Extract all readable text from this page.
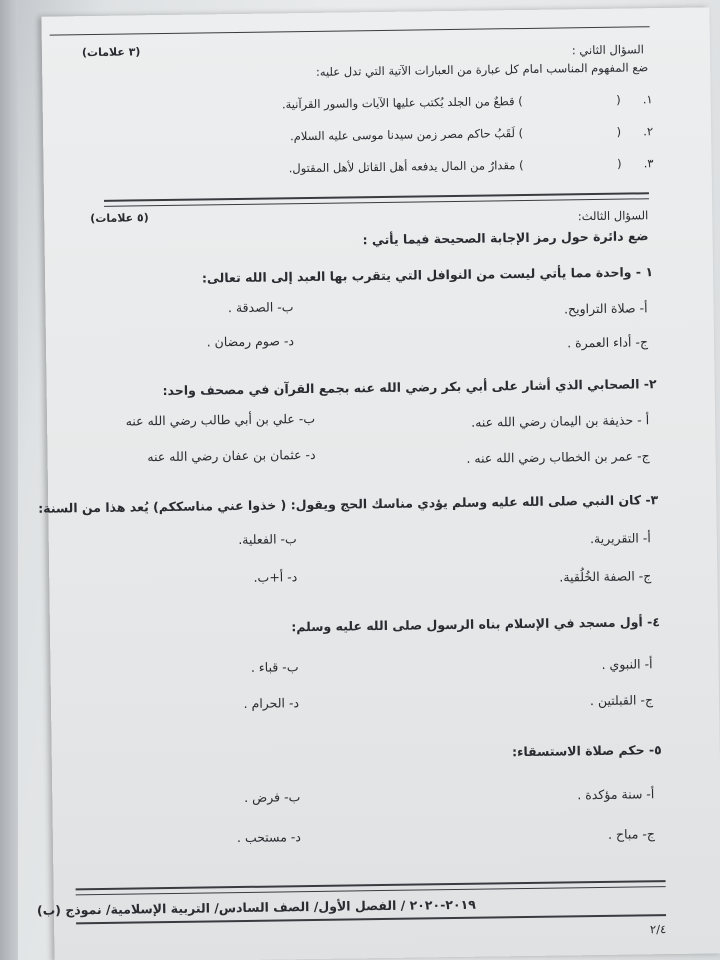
السؤال الثاني :
(٣ علامات)
ضع المفهوم المناسب امام كل عبارة من العبارات الآتية التي تدل عليه:
١.
(
) قطعٌ من الجلد يُكتب عليها الآيات والسور القرآنية.
٢.
(
) لَقَبُ حاكم مصر زمن سيدنا موسى عليه السلام.
٣.
(
) مقدارٌ من المال يدفعه أهل القاتل لأهل المقتول.
السؤال الثالث:
(٥ علامات)
ضع دائرة حول رمز الإجابة الصحيحة فيما يأتي :
١ - واحدة مما يأتي ليست من النوافل التي يتقرب بها العبد إلى الله تعالى:
أ- صلاة التراويح.
ب- الصدقة .
ج- أداء العمرة .
د- صوم رمضان .
٢- الصحابي الذي أشار على أبي بكر رضي الله عنه بجمع القرآن في مصحف واحد:
أ - حذيفة بن اليمان رضي الله عنه.
ب- علي بن أبي طالب رضي الله عنه
ج- عمر بن الخطاب رضي الله عنه .
د- عثمان بن عفان رضي الله عنه
٣- كان النبي صلى الله عليه وسلم يؤدي مناسك الحج ويقول: ( خذوا عني مناسككم) يُعد هذا من السنة:
أ- التقريرية.
ب- الفعلية.
ج- الصفة الخُلُقية.
د- أ+ب.
٤- أول مسجد في الإسلام بناه الرسول صلى الله عليه وسلم:
أ- النبوي .
ب- قباء .
ج- القبلتين .
د- الحرام .
٥- حكم صلاة الاستسقاء:
أ- سنة مؤكدة .
ب- فرض .
ج- مباح .
د- مستحب .
٢٠١٩-٢٠٢٠ / الفصل الأول/ الصف السادس/ التربية الإسلامية/ نموذج (ب)
٢/٤
